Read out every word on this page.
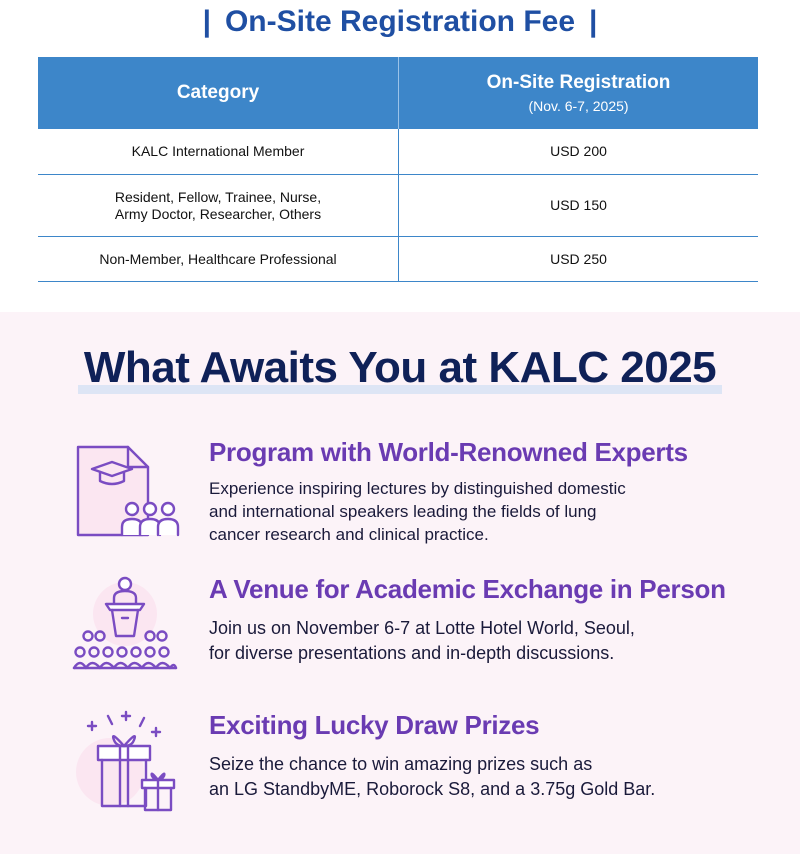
| On-Site Registration Fee |
Category	On-Site Registration
(Nov. 6-7, 2025)

KALC International Member	USD 200

Resident, Fellow, Trainee, Nurse,
Army Doctor, Researcher, Others	USD 150
Non-Member, Healthcare Professional	USD 250
What Awaits You at KALC 2025
Program with World-Renowned Experts
Experience inspiring lectures by distinguished domestic
and international speakers leading the fields of lung
cancer research and clinical practice.
A Venue for Academic Exchange in Person
Join us on November 6-7 at Lotte Hotel World, Seoul,
for diverse presentations and in-depth discussions.
Exciting Lucky Draw Prizes
Seize the chance to win amazing prizes such as
an LG StandbyME, Roborock S8, and a 3.75g Gold Bar.
